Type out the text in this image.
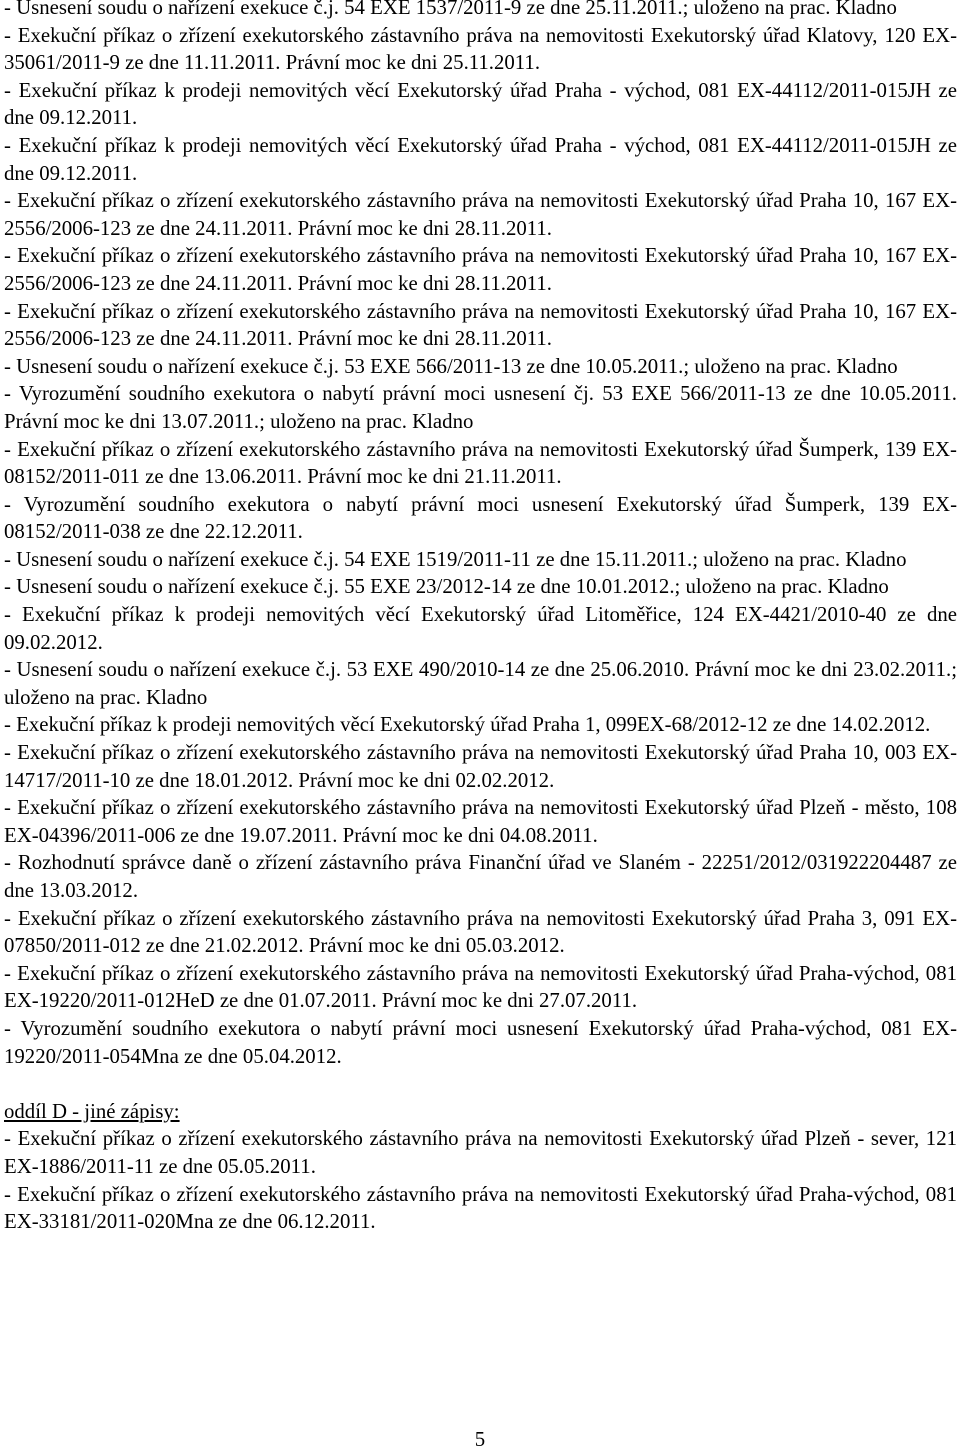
- Usnesení soudu o nařízení exekuce č.j. 54 EXE 1537/2011-9 ze dne 25.11.2011.; uloženo na prac. Kladno

- Exekuční příkaz o zřízení exekutorského zástavního práva na nemovitosti Exekutorský úřad Klatovy, 120 EX-35061/2011-9 ze dne 11.11.2011. Právní moc ke dni 25.11.2011.

- Exekuční příkaz k prodeji nemovitých věcí Exekutorský úřad Praha - východ, 081 EX-44112/2011-015JH ze dne 09.12.2011.

- Exekuční příkaz k prodeji nemovitých věcí Exekutorský úřad Praha - východ, 081 EX-44112/2011-015JH ze dne 09.12.2011.

- Exekuční příkaz o zřízení exekutorského zástavního práva na nemovitosti Exekutorský úřad Praha 10, 167 EX-2556/2006-123 ze dne 24.11.2011. Právní moc ke dni 28.11.2011.

- Exekuční příkaz o zřízení exekutorského zástavního práva na nemovitosti Exekutorský úřad Praha 10, 167 EX-2556/2006-123 ze dne 24.11.2011. Právní moc ke dni 28.11.2011.

- Exekuční příkaz o zřízení exekutorského zástavního práva na nemovitosti Exekutorský úřad Praha 10, 167 EX-2556/2006-123 ze dne 24.11.2011. Právní moc ke dni 28.11.2011.

- Usnesení soudu o nařízení exekuce č.j. 53 EXE 566/2011-13 ze dne 10.05.2011.; uloženo na prac. Kladno

- Vyrozumění soudního exekutora o nabytí právní moci usnesení čj. 53 EXE 566/2011-13 ze dne 10.05.2011. Právní moc ke dni 13.07.2011.; uloženo na prac. Kladno

- Exekuční příkaz o zřízení exekutorského zástavního práva na nemovitosti Exekutorský úřad Šumperk, 139 EX-08152/2011-011 ze dne 13.06.2011. Právní moc ke dni 21.11.2011.

- Vyrozumění soudního exekutora o nabytí právní moci usnesení Exekutorský úřad Šumperk, 139 EX-08152/2011-038 ze dne 22.12.2011.

- Usnesení soudu o nařízení exekuce č.j. 54 EXE 1519/2011-11 ze dne 15.11.2011.; uloženo na prac. Kladno

- Usnesení soudu o nařízení exekuce č.j. 55 EXE 23/2012-14 ze dne 10.01.2012.; uloženo na prac. Kladno

- Exekuční příkaz k prodeji nemovitých věcí Exekutorský úřad Litoměřice, 124 EX-4421/2010-40 ze dne 09.02.2012.

- Usnesení soudu o nařízení exekuce č.j. 53 EXE 490/2010-14 ze dne 25.06.2010. Právní moc ke dni 23.02.2011.; uloženo na prac. Kladno

- Exekuční příkaz k prodeji nemovitých věcí Exekutorský úřad Praha 1, 099EX-68/2012-12 ze dne 14.02.2012.

- Exekuční příkaz o zřízení exekutorského zástavního práva na nemovitosti Exekutorský úřad Praha 10, 003 EX-14717/2011-10 ze dne 18.01.2012. Právní moc ke dni 02.02.2012.

- Exekuční příkaz o zřízení exekutorského zástavního práva na nemovitosti Exekutorský úřad Plzeň - město, 108 EX-04396/2011-006 ze dne 19.07.2011. Právní moc ke dni 04.08.2011.

- Rozhodnutí správce daně o zřízení zástavního práva Finanční úřad ve Slaném - 22251/2012/031922204487 ze dne 13.03.2012.

- Exekuční příkaz o zřízení exekutorského zástavního práva na nemovitosti Exekutorský úřad Praha 3, 091 EX-07850/2011-012 ze dne 21.02.2012. Právní moc ke dni 05.03.2012.

- Exekuční příkaz o zřízení exekutorského zástavního práva na nemovitosti Exekutorský úřad Praha-východ, 081 EX-19220/2011-012HeD ze dne 01.07.2011. Právní moc ke dni 27.07.2011.

- Vyrozumění soudního exekutora o nabytí právní moci usnesení Exekutorský úřad Praha-východ, 081 EX-19220/2011-054Mna ze dne 05.04.2012.

oddíl D - jiné zápisy:

- Exekuční příkaz o zřízení exekutorského zástavního práva na nemovitosti Exekutorský úřad Plzeň - sever, 121 EX-1886/2011-11 ze dne 05.05.2011.

- Exekuční příkaz o zřízení exekutorského zástavního práva na nemovitosti Exekutorský úřad Praha-východ, 081 EX-33181/2011-020Mna ze dne 06.12.2011.

5
